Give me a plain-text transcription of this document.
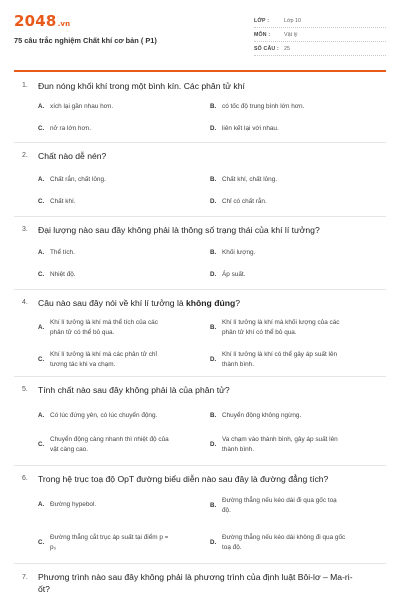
2048.vn
75 câu trắc nghiệm Chất khí cơ bản ( P1)
LỚP :	Lớp 10
MÔN :	Vật lý
SỐ CÂU : 25
1. Đun nóng khối khí trong một bình kín. Các phân tử khí
A. xích lại gần nhau hơn.	B. có tốc độ trung bình lớn hơn.
C. nở ra lớn hơn.	D. liên kết lại với nhau.
2. Chất nào dễ nén?
A. Chất rắn, chất lỏng.	B. Chất khí, chất lỏng.
C. Chất khí.	D. Chỉ có chất rắn.
3. Đại lượng nào sau đây không phải là thông số trạng thái của khí lí tưởng?
A. Thể tích.	B. Khối lượng.
C. Nhiệt độ.	D. Áp suất.
4. Câu nào sau đây nói về khí lí tưởng là không đúng?
A.
Khí lí tưởng là khí mà thể tích của các
phân tử có thể bỏ qua.
B.
Khí lí tưởng là khí mà khối lượng của các
phân tử khí có thể bỏ qua.
C.
Khí lí tưởng là khí mà các phân tử chỉ
tương tác khi va chạm.
D.
Khí lí tưởng là khí có thể gây áp suất lên
thành bình.
5. Tính chất nào sau đây không phải là của phân tử?
A. Có lúc đứng yên, có lúc chuyển động.	B. Chuyển động không ngừng.
C.
Chuyển động càng nhanh thì nhiệt độ của
vật càng cao.
D.
Va chạm vào thành bình, gây áp suất lên
thành bình.
6. Trong hệ trục toạ độ OpT đường biểu diễn nào sau đây là đường đẳng tích?
A. Đường hypebol.	B.
Đường thẳng nếu kéo dài đi qua gốc toạ
độ.
C.
Đường thẳng cắt trục áp suất tại điểm p =
p₀
D.
Đường thẳng nếu kéo dài không đi qua gốc
toạ độ.
7. Phương trình nào sau đây không phải là phương trình của định luật Bôi-lơ – Ma-ri-
ốt?
